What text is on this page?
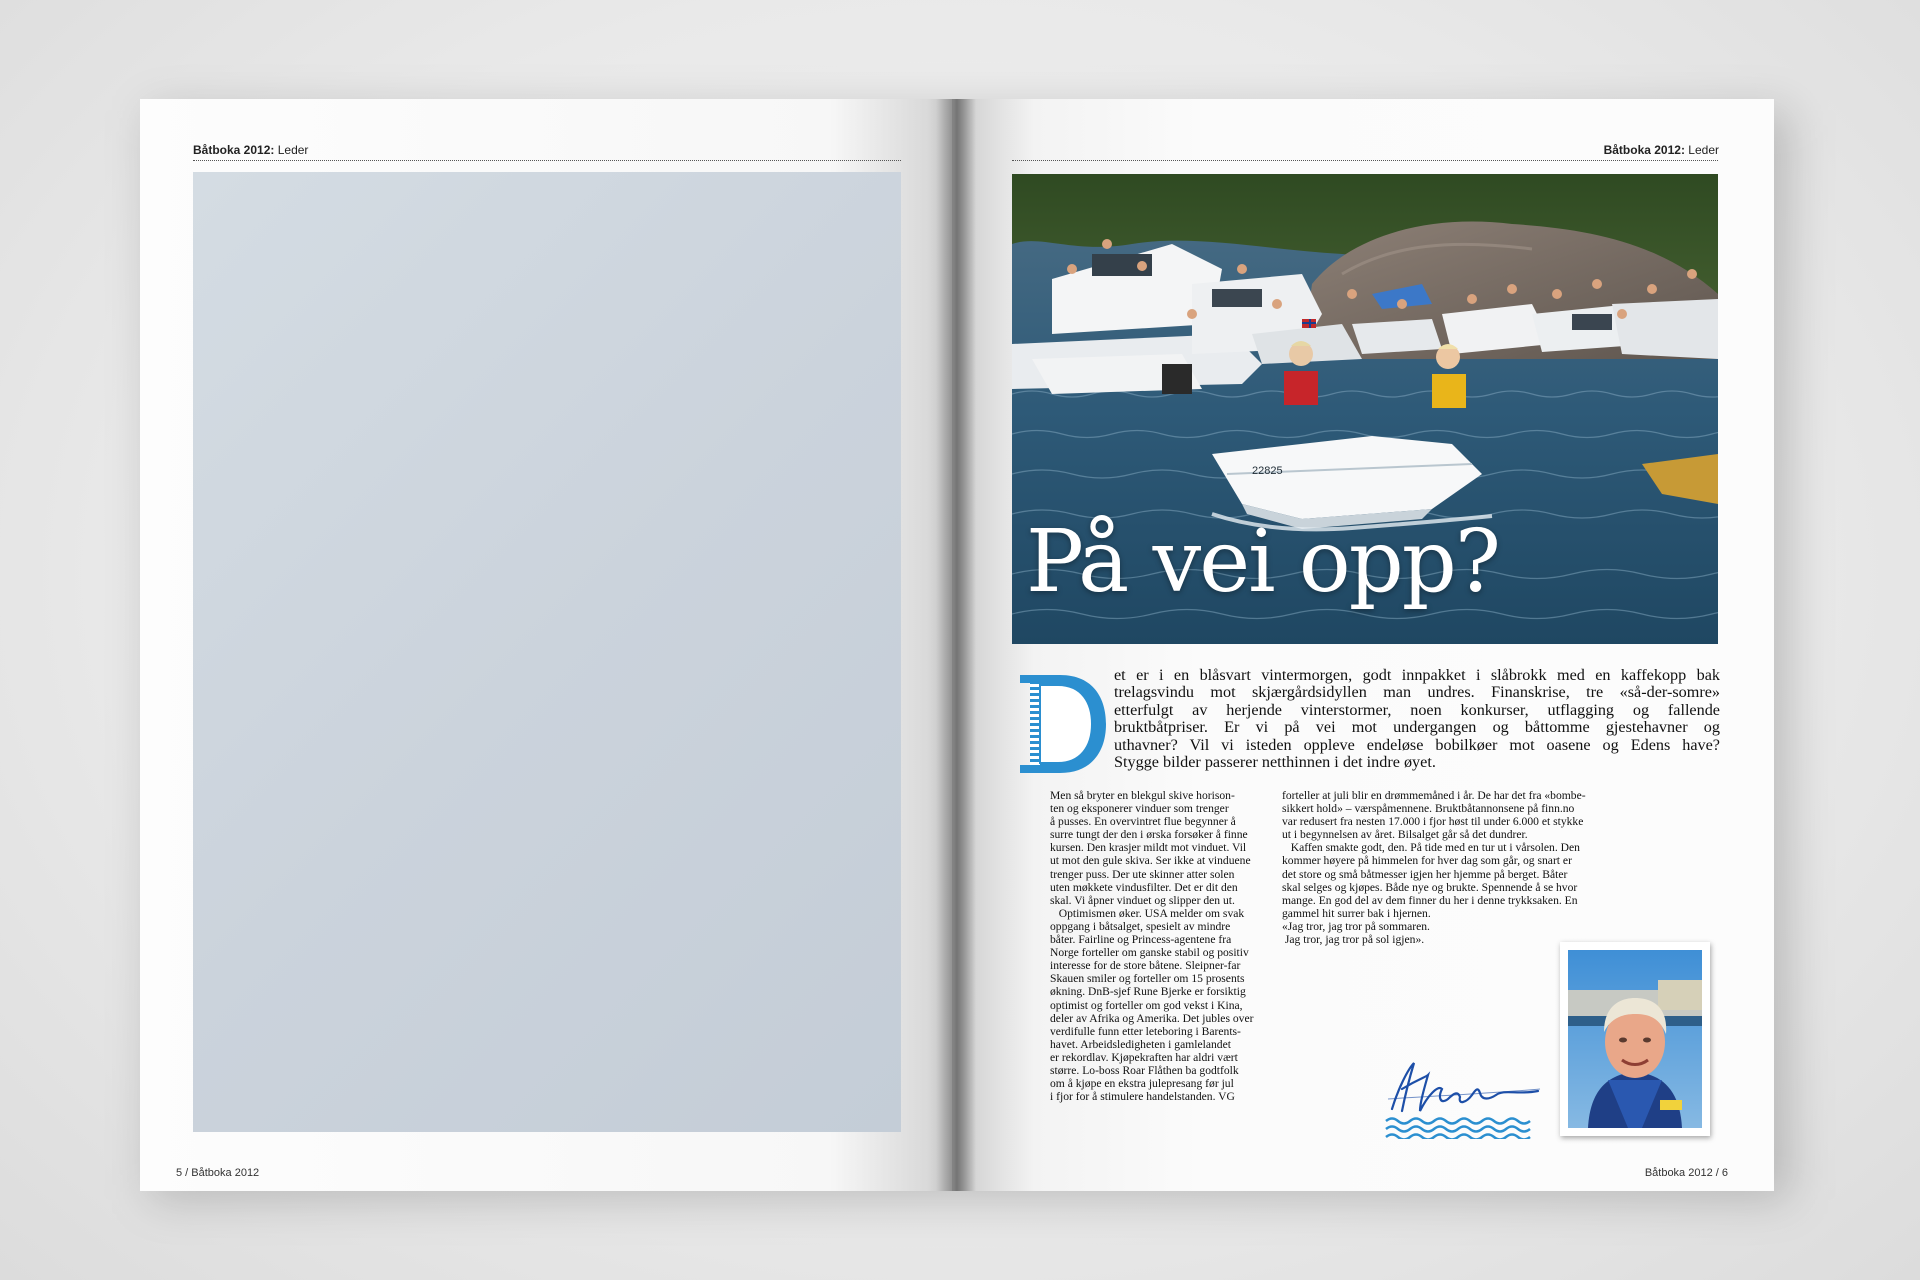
Båtboka 2012: Leder
5 / Båtboka 2012
Båtboka 2012: Leder
22825
På vei opp?
et er i en blåsvart vintermorgen, godt innpakket i slåbrokk med en kaffekopp bak
trelagsvindu mot skjærgårdsidyllen man undres. Finanskrise, tre «så-der-somre»
etterfulgt av herjende vinterstormer, noen konkurser, utflagging og fallende
bruktbåtpriser. Er vi på vei mot undergangen og båttomme gjestehavner og
uthavner? Vil vi isteden oppleve endeløse bobilkøer mot oasene og Edens have?
Stygge bilder passerer netthinnen i det indre øyet.
Men så bryter en blekgul skive horison-
ten og eksponerer vinduer som trenger
å pusses. En overvintret flue begynner å
surre tungt der den i ørska forsøker å finne
kursen. Den krasjer mildt mot vinduet. Vil
ut mot den gule skiva. Ser ikke at vinduene
trenger puss. Der ute skinner atter solen
uten møkkete vindusfilter. Det er dit den
skal. Vi åpner vinduet og slipper den ut.
Optimismen øker. USA melder om svak
oppgang i båtsalget, spesielt av mindre
båter. Fairline og Princess-agentene fra
Norge forteller om ganske stabil og positiv
interesse for de store båtene. Sleipner-far
Skauen smiler og forteller om 15 prosents
økning. DnB-sjef Rune Bjerke er forsiktig
optimist og forteller om god vekst i Kina,
deler av Afrika og Amerika. Det jubles over
verdifulle funn etter leteboring i Barents-
havet. Arbeidsledigheten i gamlelandet
er rekordlav. Kjøpekraften har aldri vært
større. Lo-boss Roar Flåthen ba godtfolk
om å kjøpe en ekstra julepresang før jul
i fjor for å stimulere handelstanden. VG
forteller at juli blir en drømmemåned i år. De har det fra «bombe-
sikkert hold» – værspåmennene. Bruktbåtannonsene på finn.no
var redusert fra nesten 17.000 i fjor høst til under 6.000 et stykke
ut i begynnelsen av året. Bilsalget går så det dundrer.
Kaffen smakte godt, den. På tide med en tur ut i vårsolen. Den
kommer høyere på himmelen for hver dag som går, og snart er
det store og små båtmesser igjen her hjemme på berget. Båter
skal selges og kjøpes. Både nye og brukte. Spennende å se hvor
mange. En god del av dem finner du her i denne trykksaken. En
gammel hit surrer bak i hjernen.
«Jag tror, jag tror på sommaren.
Jag tror, jag tror på sol igjen».
Båtboka 2012 / 6
